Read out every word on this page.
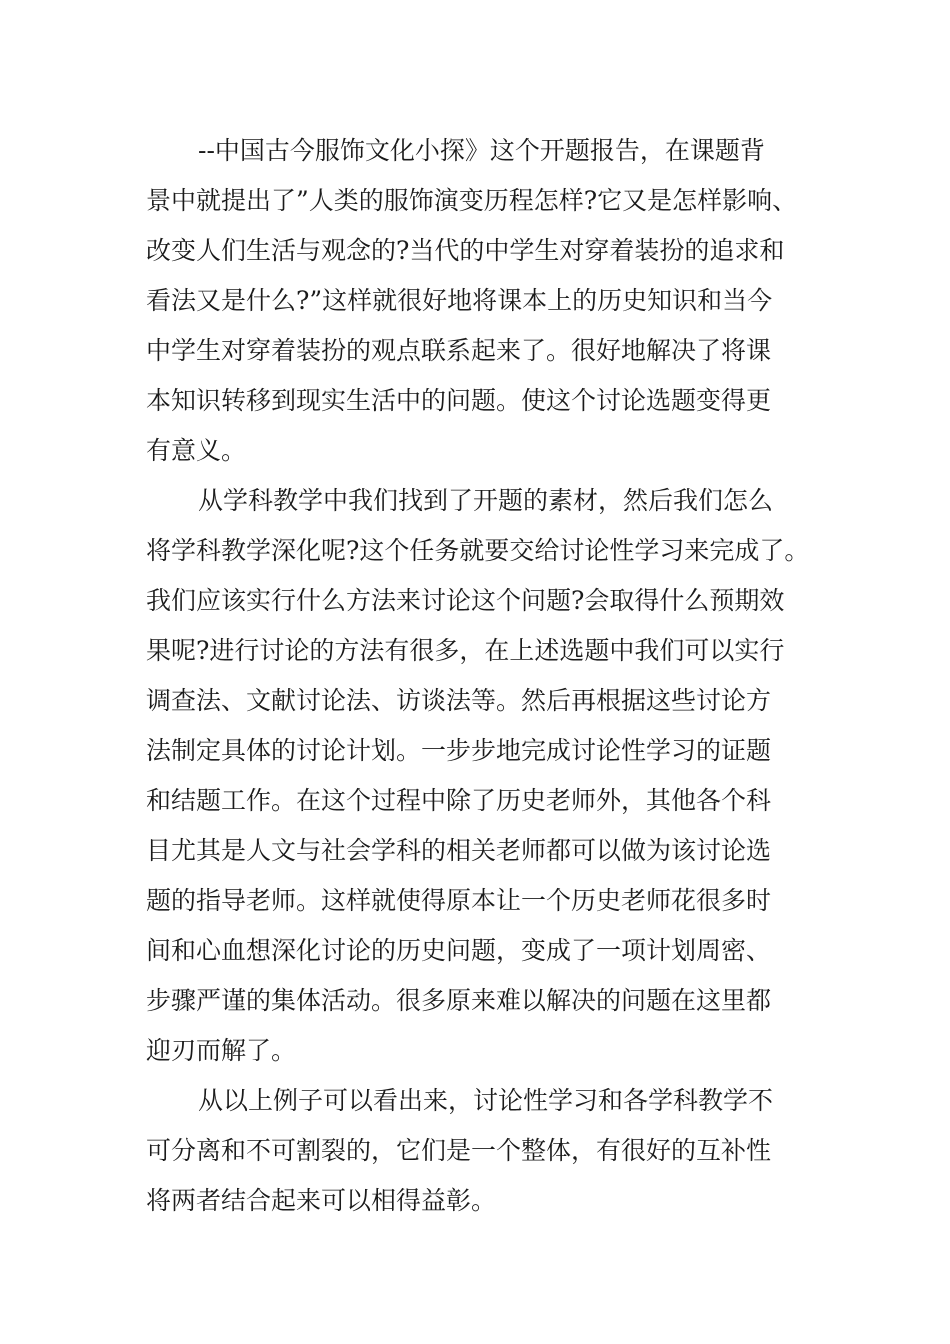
--中国古今服饰文化小探》这个开题报告，在课题背
景中就提出了”人类的服饰演变历程怎样?它又是怎样影响、
改变人们生活与观念的?当代的中学生对穿着装扮的追求和
看法又是什么?”这样就很好地将课本上的历史知识和当今
中学生对穿着装扮的观点联系起来了。很好地解决了将课
本知识转移到现实生活中的问题。使这个讨论选题变得更
有意义。
从学科教学中我们找到了开题的素材，然后我们怎么
将学科教学深化呢?这个任务就要交给讨论性学习来完成了。
我们应该实行什么方法来讨论这个问题?会取得什么预期效
果呢?进行讨论的方法有很多，在上述选题中我们可以实行
调查法、文献讨论法、访谈法等。然后再根据这些讨论方
法制定具体的讨论计划。一步步地完成讨论性学习的证题
和结题工作。在这个过程中除了历史老师外，其他各个科
目尤其是人文与社会学科的相关老师都可以做为该讨论选
题的指导老师。这样就使得原本让一个历史老师花很多时
间和心血想深化讨论的历史问题，变成了一项计划周密、
步骤严谨的集体活动。很多原来难以解决的问题在这里都
迎刃而解了。
从以上例子可以看出来，讨论性学习和各学科教学不
可分离和不可割裂的，它们是一个整体，有很好的互补性
将两者结合起来可以相得益彰。
